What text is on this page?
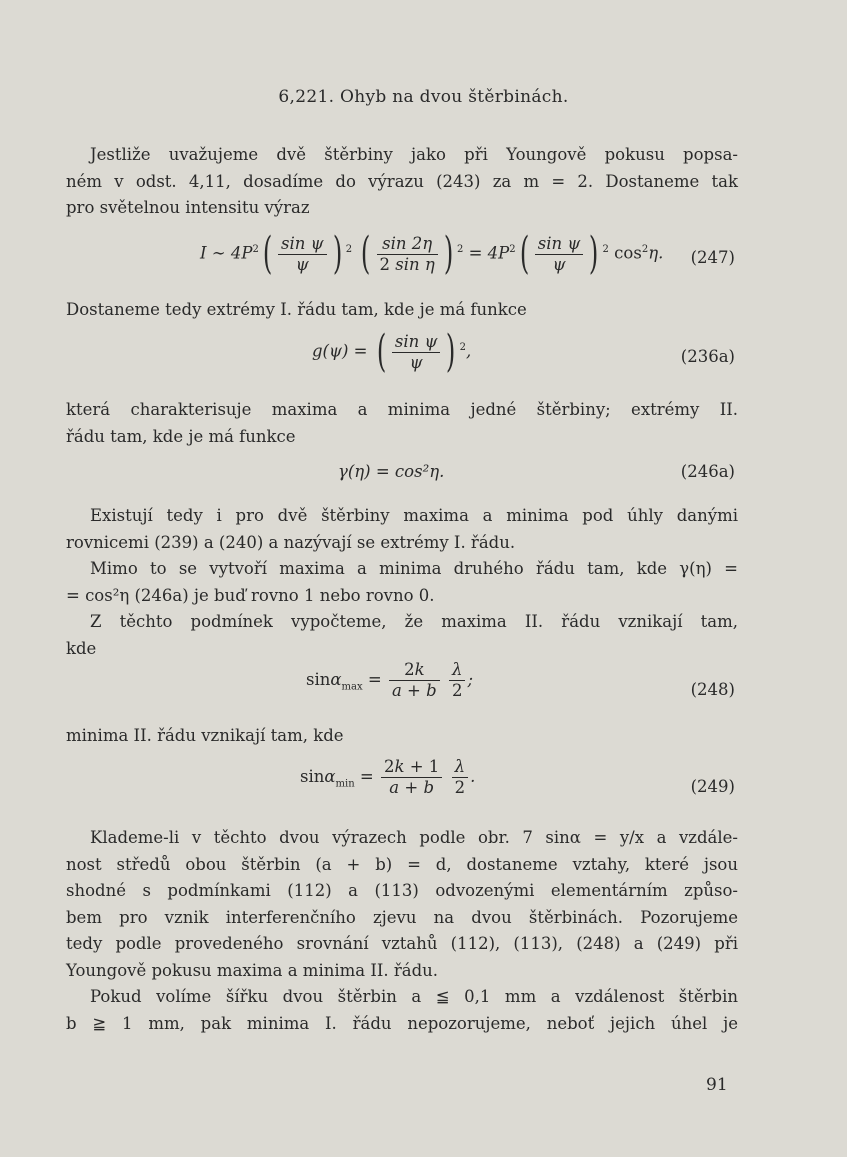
6,221. Ohyb na dvou štěrbinách.
Jestliže uvažujeme dvě štěrbiny jako při Youngově pokusu popsa-
ném v odst. 4,11, dosadíme do výrazu (243) za m = 2. Dostaneme tak
pro světelnou intensitu výraz
I ∼ $4P^2( \frac{\text{sin ψ}}{\psi}$ ) $^2$ ( $\frac{\sin 2\eta}{\text{2 sin η}}$ ) $^2 = 4P^2( \frac{\text{sin ψ}}{\psi}$ ) $^2$ $\cos^2\eta$. (247)
Dostaneme tedy extrémy I. řádu tam, kde je má funkce
g(ψ) = ( $\frac{\text{sin ψ}}{\psi}$ ) $^2$,	(236a)
která charakterisuje maxima a minima jedné štěrbiny; extrémy II.
řádu tam, kde je má funkce
γ(η) = cos²η.	(246a)
Existují tedy i pro dvě štěrbiny maxima a minima pod úhly danými
rovnicemi (239) a (240) a nazývají se extrémy I. řádu.
Mimo to se vytvoří maxima a minima druhého řádu tam, kde γ(η) =
= cos²η (246a) je buď rovno 1 nebo rovno 0.
Z těchto podmínek vypočteme, že maxima II. řádu vznikají tam,
kde
$\sin\alpha_{max} = \frac{2k}{a + b}$
$\frac{\lambda}{2}$ ;
(248)
minima II. řádu vznikají tam, kde
$\sin\alpha_{min} = \frac{2k + 1}{a + b}$
$\frac{\lambda}{2}$ .
(249)
Klademe-li v těchto dvou výrazech podle obr. 7 sinα = y/x a vzdále-
nost středů obou štěrbin (a + b) = d, dostaneme vztahy, které jsou
shodné s podmínkami (112) a (113) odvozenými elementárním způso-
bem pro vznik interferenčního zjevu na dvou štěrbinách. Pozorujeme
tedy podle provedeného srovnání vztahů (112), (113), (248) a (249) při
Youngově pokusu maxima a minima II. řádu.
Pokud volíme šířku dvou štěrbin a ≦ 0,1 mm a vzdálenost štěrbin
b ≧ 1 mm, pak minima I. řádu nepozorujeme, neboť jejich úhel je
91
